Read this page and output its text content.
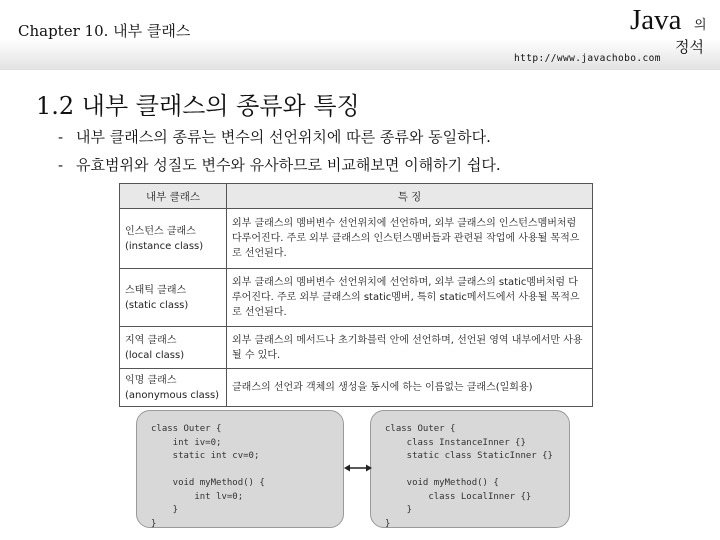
Chapter 10. 내부 클래스	Java 의
정석
http://www.javachobo.com
1.2 내부 클래스의 종류와 특징
- 내부 클래스의 종류는 변수의 선언위치에 따른 종류와 동일하다.
- 유효범위와 성질도 변수와 유사하므로 비교해보면 이해하기 쉽다.
내부 클래스	특 징

인스턴스 클래스
(instance class)	외부 클래스의 멤버변수 선언위치에 선언하며, 외부 클래스의 인스턴스멤버처럼 다루어진다. 주로 외부 클래스의 인스턴스멤버들과 관련된 작업에 사용될 목적으로 선언된다.

스태틱 클래스
(static class)	외부 클래스의 멤버변수 선언위치에 선언하며, 외부 클래스의 static멤버처럼 다루어진다. 주로 외부 클래스의 static멤버, 특히 static메서드에서 사용될 목적으로 선언된다.

지역 클래스
(local class)	외부 클래스의 메서드나 초기화블럭 안에 선언하며, 선언된 영역 내부에서만 사용될 수 있다.

익명 클래스
(anonymous class)	클래스의 선언과 객체의 생성을 동시에 하는 이름없는 클래스(일회용)
class Outer {
int iv=0;
static int cv=0;

void myMethod() {
int lv=0;
}
}
class Outer {
class InstanceInner {}
static class StaticInner {}

void myMethod() {
class LocalInner {}
}
}
